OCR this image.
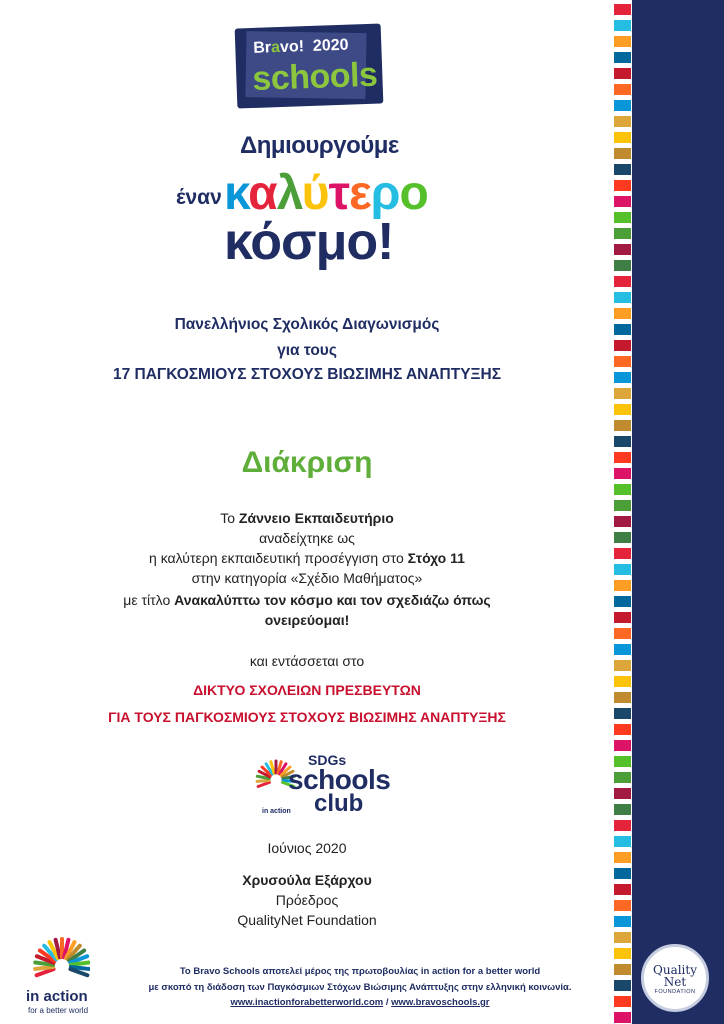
Bravo! 2020
schools
Δημιουργούμε
έναν καλύτερο
κόσμο!
Πανελλήνιος Σχολικός Διαγωνισμός
για τους
17 ΠΑΓΚΟΣΜΙΟΥΣ ΣΤΟΧΟΥΣ ΒΙΩΣΙΜΗΣ ΑΝΑΠΤΥΞΗΣ
Διάκριση
Το Ζάννειο Εκπαιδευτήριο
αναδείχτηκε ως
η καλύτερη εκπαιδευτική προσέγγιση στο Στόχο 11
στην κατηγορία «Σχέδιο Μαθήματος»
με τίτλο Ανακαλύπτω τον κόσμο και τον σχεδιάζω όπως
ονειρεύομαι!
και εντάσσεται στο
ΔΙΚΤΥΟ ΣΧΟΛΕΙΩΝ ΠΡΕΣΒΕΥΤΩΝ
ΓΙΑ ΤΟΥΣ ΠΑΓΚΟΣΜΙΟΥΣ ΣΤΟΧΟΥΣ ΒΙΩΣΙΜΗΣ ΑΝΑΠΤΥΞΗΣ
SDGs
schools
club
in action
Ιούνιος 2020
Χρυσούλα Εξάρχου
Πρόεδρος
QualityNet Foundation
in action
for a better world
Το Bravo Schools αποτελεί μέρος της πρωτοβουλίας in action for a better world
με σκοπό τη διάδοση των Παγκόσμιων Στόχων Βιώσιμης Ανάπτυξης στην ελληνική κοινωνία.
www.inactionforabetterworld.com / www.bravoschools.gr
Quality
Net
FOUNDATION
